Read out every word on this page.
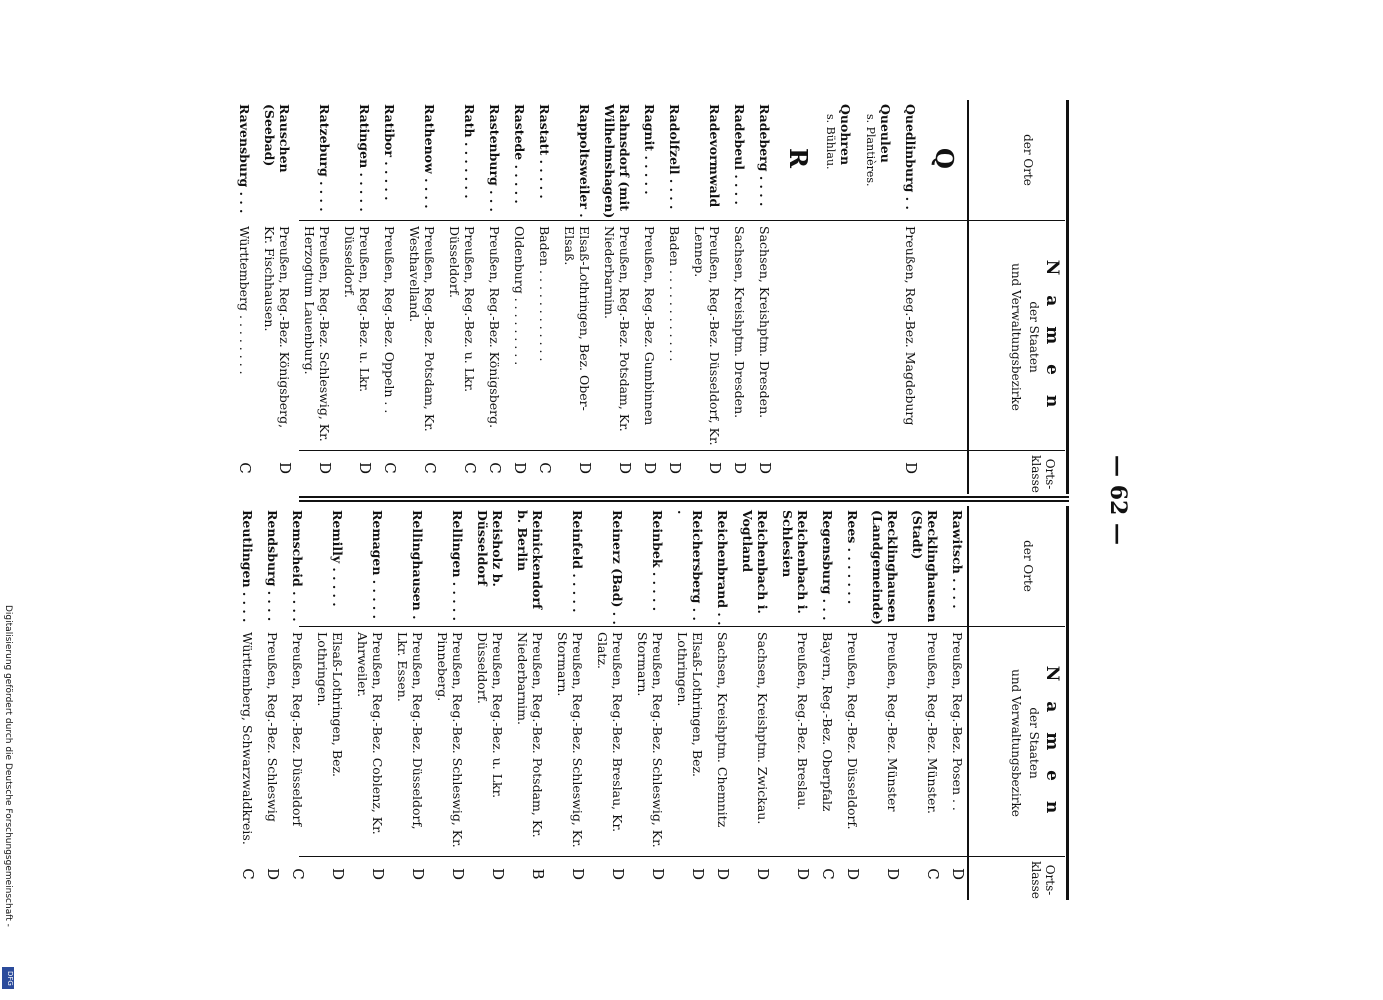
— 62 —
der Orte
N a m e n
der Staaten
und Verwaltungsbezirke
Orts-klasse
Q
Quedlinburg . .
Preußen, Reg.-Bez. Magdeburg
D
Queuleu
s. Plantières.
Quohren
s. Bühlau.
R
Radeberg . . . .
Sachsen, Kreishptm. Dresden.
D
Radebeul . . . .
Sachsen, Kreishptm. Dresden.
D
Radevormwald
Preußen, Reg.-Bez. Düsseldorf, Kr. Lennep.
D
Radolfzell . . . .
Baden . . . . . . . . . . . .
D
Ragnit . . . . .
Preußen, Reg.-Bez. Gumbinnen
D
Rahnsdorf (mit Wilhelmshagen)
Preußen, Reg.-Bez. Potsdam, Kr. Niederbarnim.
D
Rappoltsweiler .
Elsaß-Lothringen, Bez. Ober-Elsaß.
D
Rastatt . . . . .
Baden . . . . . . . . . . . .
C
Rastede . . . . .
Oldenburg . . . . . . . . .
D
Rastenburg . . .
Preußen, Reg.-Bez. Königsberg.
C
Rath . . . . . . .
Preußen, Reg.-Bez. u. Lkr. Düsseldorf.
C
Rathenow . . . .
Preußen, Reg.-Bez. Potsdam, Kr. Westhavelland.
C
Ratibor . . . . .
Preußen, Reg.-Bez. Oppeln . .
C
Ratingen . . . . .
Preußen, Reg.-Bez. u. Lkr. Düsseldorf.
D
Ratzeburg . . . .
Preußen, Reg.-Bez. Schleswig, Kr. Herzogtum Lauenburg.
D
Rauschen (Seebad)
Preußen, Reg.-Bez. Königsberg, Kr. Fischhausen.
D
Ravensburg . . .
Württemberg . . . . . . . .
C
der Orte
N a m e n
der Staaten
und Verwaltungsbezirke
Orts-klasse
Rawitsch . . . .
Preußen, Reg.-Bez. Posen . .
D
Recklinghausen (Stadt)
Preußen, Reg.-Bez. Münster.
C
Recklinghausen (Landgemeinde)
Preußen, Reg.-Bez. Münster
D
Rees . . . . . . .
Preußen, Reg.-Bez. Düsseldorf.
D
Regensburg . . .
Bayern, Reg.-Bez. Oberpfalz
C
Reichenbach i. Schlesien
Preußen, Reg.-Bez. Breslau.
D
Reichenbach i. Vogtland
Sachsen, Kreishptm. Zwickau.
D
Reichenbrand . .
Sachsen, Kreishptm. Chemnitz
D
Reichersberg . . .
Elsaß-Lothringen, Bez. Lothringen.
D
Reinbek . . . . .
Preußen, Reg.-Bez. Schleswig, Kr. Stormarn.
D
Reinerz (Bad) . .
Preußen, Reg.-Bez. Breslau, Kr. Glatz.
D
Reinfeld . . . . .
Preußen, Reg.-Bez. Schleswig, Kr. Stormarn.
D
Reinickendorf b. Berlin
Preußen, Reg.-Bez. Potsdam, Kr. Niederbarnim.
B
Reisholz b. Düsseldorf
Preußen, Reg.-Bez. u. Lkr. Düsseldorf.
D
Rellingen . . . . .
Preußen, Reg.-Bez. Schleswig, Kr. Pinneberg.
D
Rellinghausen .
Preußen, Reg.-Bez. Düsseldorf, Lkr. Essen.
D
Remagen . . . . .
Preußen, Reg.-Bez. Coblenz, Kr. Ahrweiler.
D
Remilly . . . . .
Elsaß-Lothringen, Bez. Lothringen.
D
Remscheid . . . .
Preußen, Reg.-Bez. Düsseldorf
C
Rendsburg . . . .
Preußen, Reg.-Bez. Schleswig
D
Reutlingen . . . .
Württemberg, Schwarzwaldkreis.
C
Digitalisierung gefördert durch die Deutsche Forschungsgemeinschaft -
DFG
